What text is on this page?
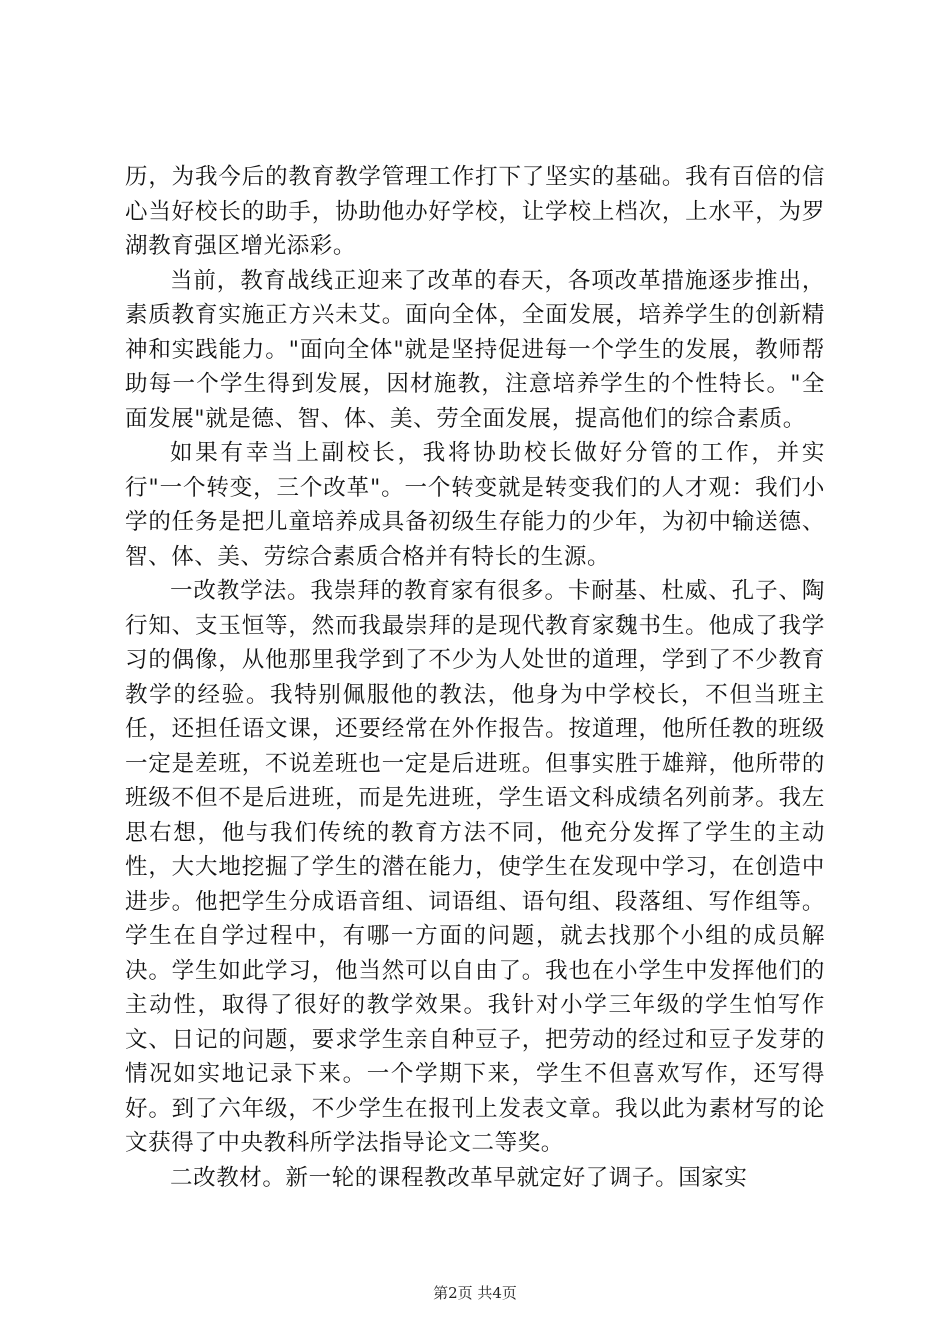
历，为我今后的教育教学管理工作打下了坚实的基础。我有百倍的信心当好校长的助手，协助他办好学校，让学校上档次，上水平，为罗湖教育强区增光添彩。

当前，教育战线正迎来了改革的春天，各项改革措施逐步推出，素质教育实施正方兴未艾。面向全体，全面发展，培养学生的创新精神和实践能力。"面向全体"就是坚持促进每一个学生的发展，教师帮助每一个学生得到发展，因材施教，注意培养学生的个性特长。"全面发展"就是德、智、体、美、劳全面发展，提高他们的综合素质。

如果有幸当上副校长，我将协助校长做好分管的工作，并实行"一个转变，三个改革"。一个转变就是转变我们的人才观：我们小学的任务是把儿童培养成具备初级生存能力的少年，为初中输送德、智、体、美、劳综合素质合格并有特长的生源。

一改教学法。我崇拜的教育家有很多。卡耐基、杜威、孔子、陶行知、支玉恒等，然而我最崇拜的是现代教育家魏书生。他成了我学习的偶像，从他那里我学到了不少为人处世的道理，学到了不少教育教学的经验。我特别佩服他的教法，他身为中学校长，不但当班主任，还担任语文课，还要经常在外作报告。按道理，他所任教的班级一定是差班，不说差班也一定是后进班。但事实胜于雄辩，他所带的班级不但不是后进班，而是先进班，学生语文科成绩名列前茅。我左思右想，他与我们传统的教育方法不同，他充分发挥了学生的主动性，大大地挖掘了学生的潜在能力，使学生在发现中学习，在创造中进步。他把学生分成语音组、词语组、语句组、段落组、写作组等。学生在自学过程中，有哪一方面的问题，就去找那个小组的成员解决。学生如此学习，他当然可以自由了。我也在小学生中发挥他们的主动性，取得了很好的教学效果。我针对小学三年级的学生怕写作文、日记的问题，要求学生亲自种豆子，把劳动的经过和豆子发芽的情况如实地记录下来。一个学期下来，学生不但喜欢写作，还写得好。到了六年级，不少学生在报刊上发表文章。我以此为素材写的论文获得了中央教科所学法指导论文二等奖。

二改教材。新一轮的课程教改革早就定好了调子。国家实

第2页 共4页
